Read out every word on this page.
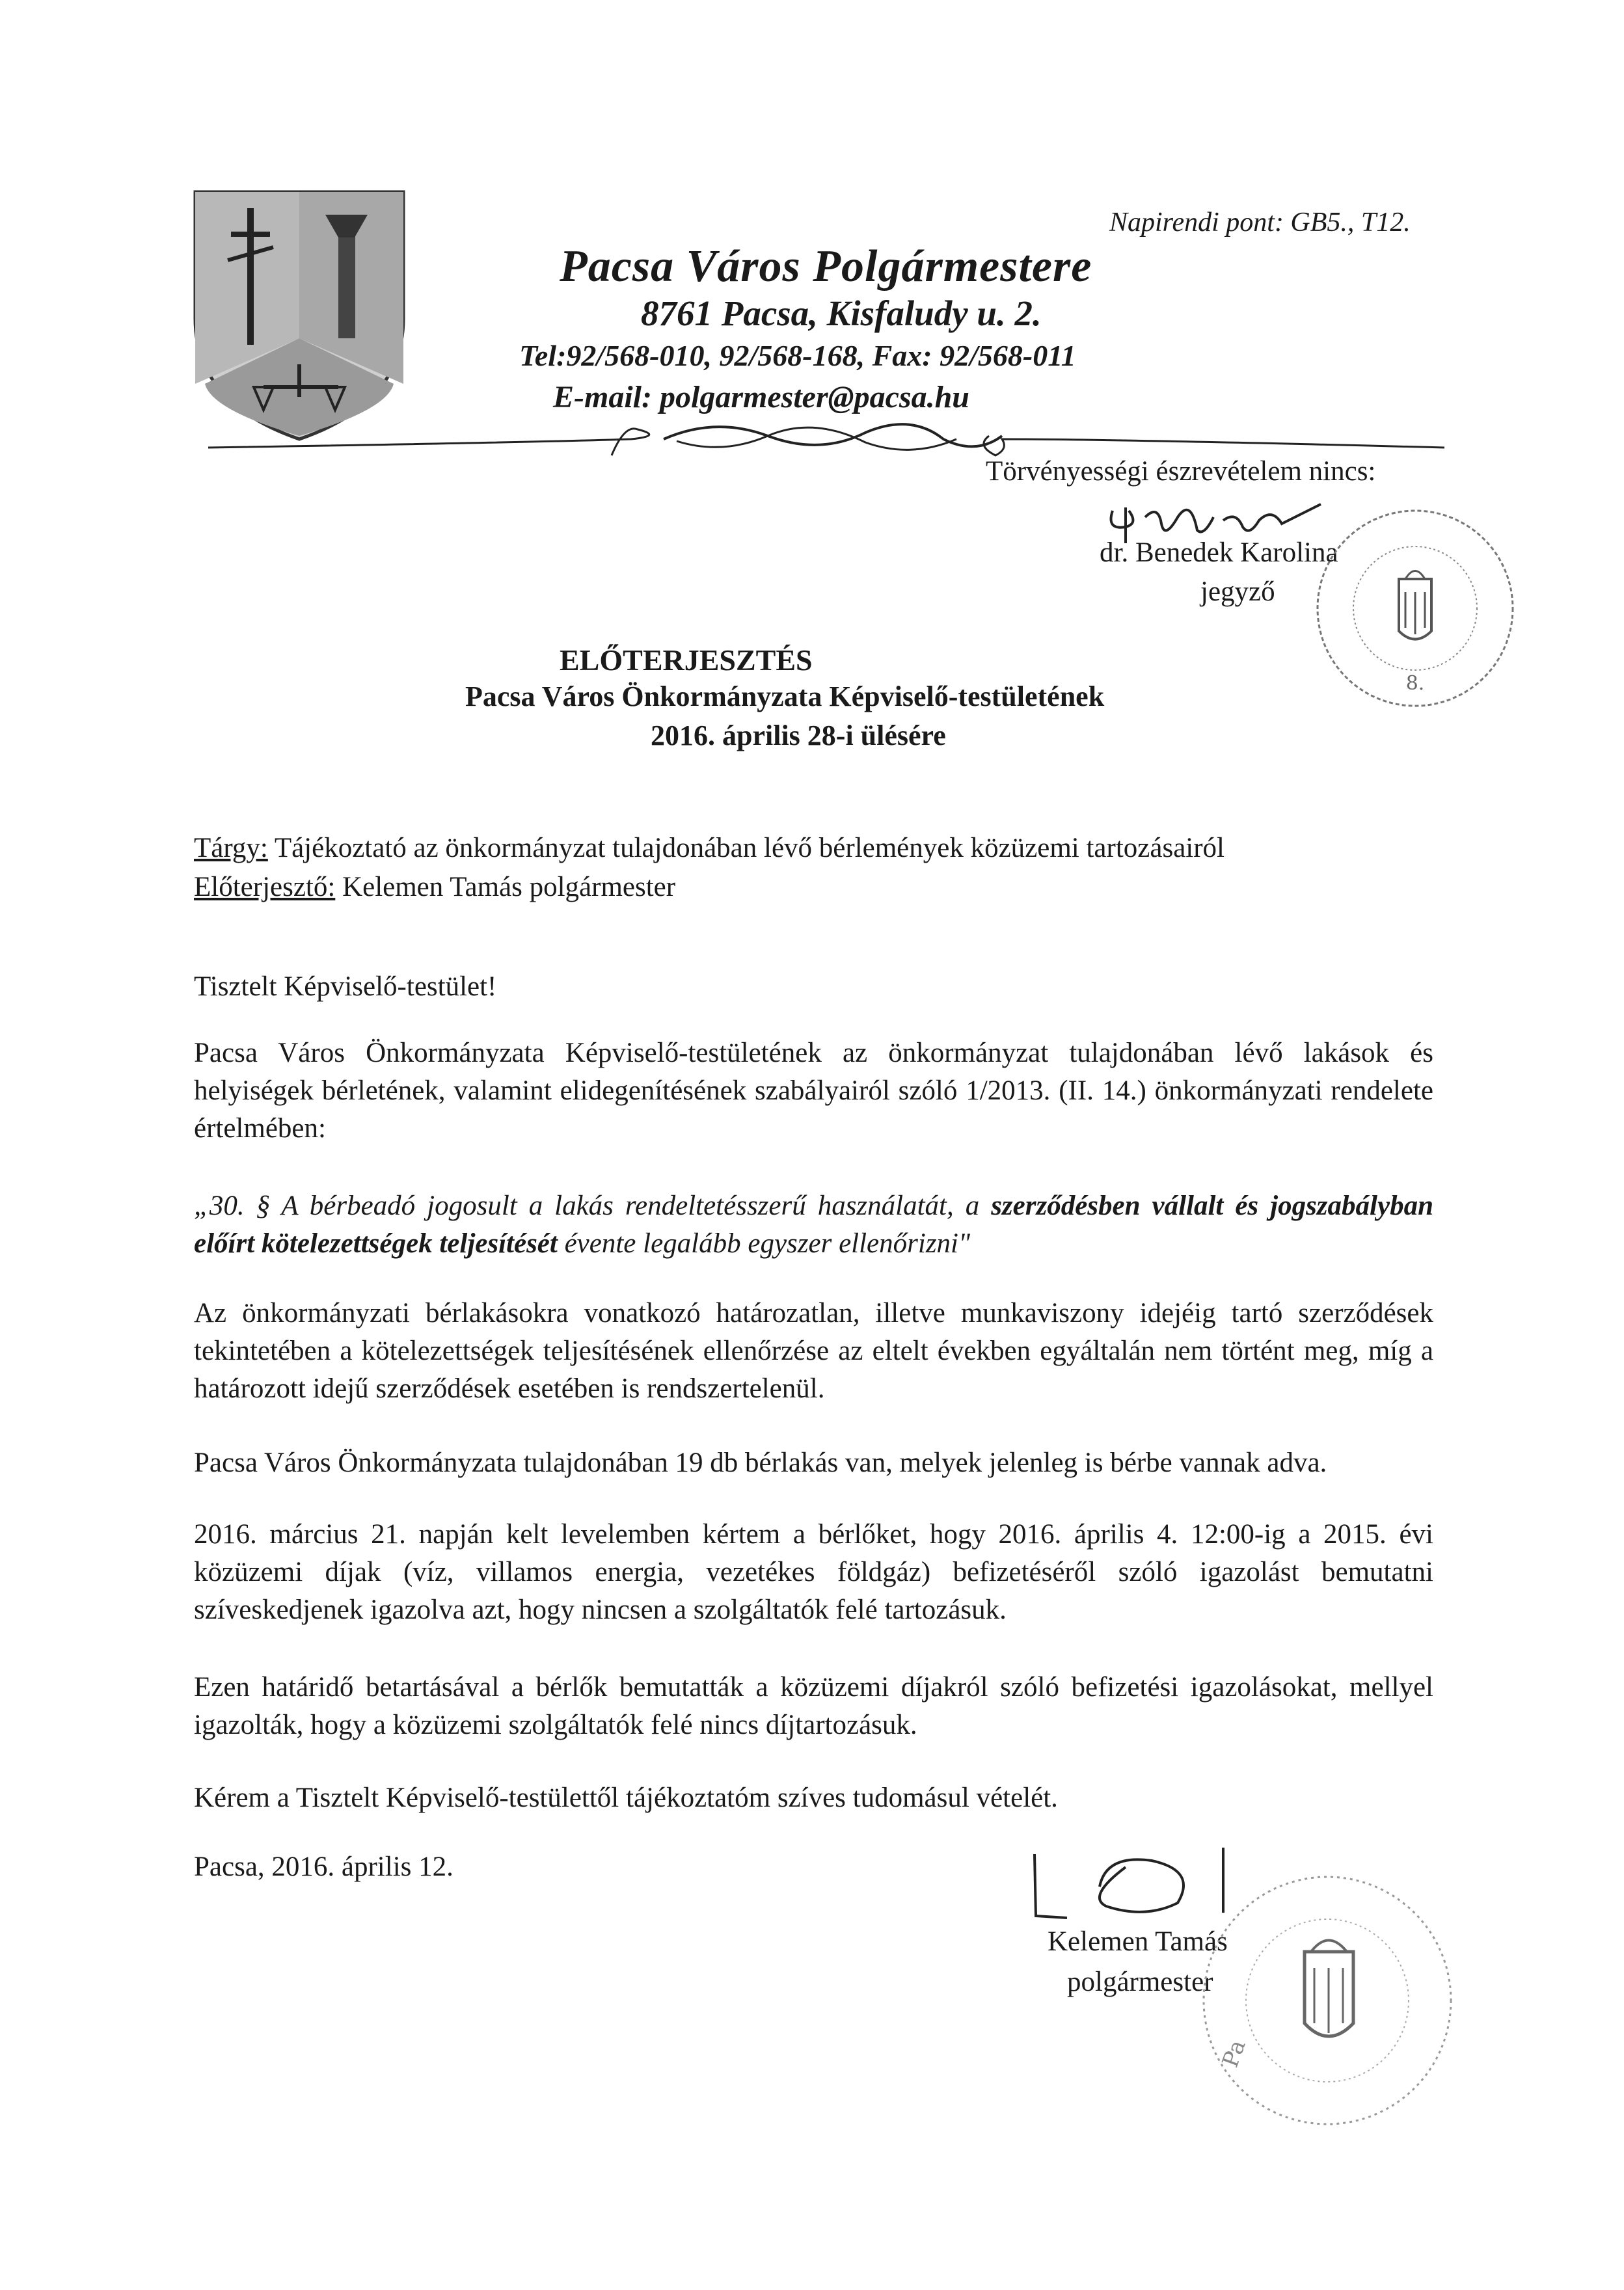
Napirendi pont: GB5., T12.
Pacsa Város Polgármestere
8761 Pacsa, Kisfaludy u. 2.
Tel:92/568-010, 92/568-168, Fax: 92/568-011
E-mail: polgarmester@pacsa.hu
Törvényességi észrevételem nincs:
dr. Benedek Karolina
jegyző
8.
ELŐTERJESZTÉS
Pacsa Város Önkormányzata Képviselő-testületének
2016. április 28-i ülésére
Tárgy: Tájékoztató az önkormányzat tulajdonában lévő bérlemények közüzemi tartozásairól
Előterjesztő: Kelemen Tamás polgármester
Tisztelt Képviselő-testület!
Pacsa Város Önkormányzata Képviselő-testületének az önkormányzat tulajdonában lévő lakások és helyiségek bérletének, valamint elidegenítésének szabályairól szóló 1/2013. (II. 14.) önkormányzati rendelete értelmében:
„30. § A bérbeadó jogosult a lakás rendeltetésszerű használatát, a szerződésben vállalt és jogszabályban előírt kötelezettségek teljesítését évente legalább egyszer ellenőrizni"
Az önkormányzati bérlakásokra vonatkozó határozatlan, illetve munkaviszony idejéig tartó szerződések tekintetében a kötelezettségek teljesítésének ellenőrzése az eltelt években egyáltalán nem történt meg, míg a határozott idejű szerződések esetében is rendszertelenül.
Pacsa Város Önkormányzata tulajdonában 19 db bérlakás van, melyek jelenleg is bérbe vannak adva.
2016. március 21. napján kelt levelemben kértem a bérlőket, hogy 2016. április 4. 12:00-ig a 2015. évi közüzemi díjak (víz, villamos energia, vezetékes földgáz) befizetéséről szóló igazolást bemutatni szíveskedjenek igazolva azt, hogy nincsen a szolgáltatók felé tartozásuk.
Ezen határidő betartásával a bérlők bemutatták a közüzemi díjakról szóló befizetési igazolásokat, mellyel igazolták, hogy a közüzemi szolgáltatók felé nincs díjtartozásuk.
Kérem a Tisztelt Képviselő-testülettől tájékoztatóm szíves tudomásul vételét.
Pacsa, 2016. április 12.
Kelemen Tamás
polgármester
Pa
